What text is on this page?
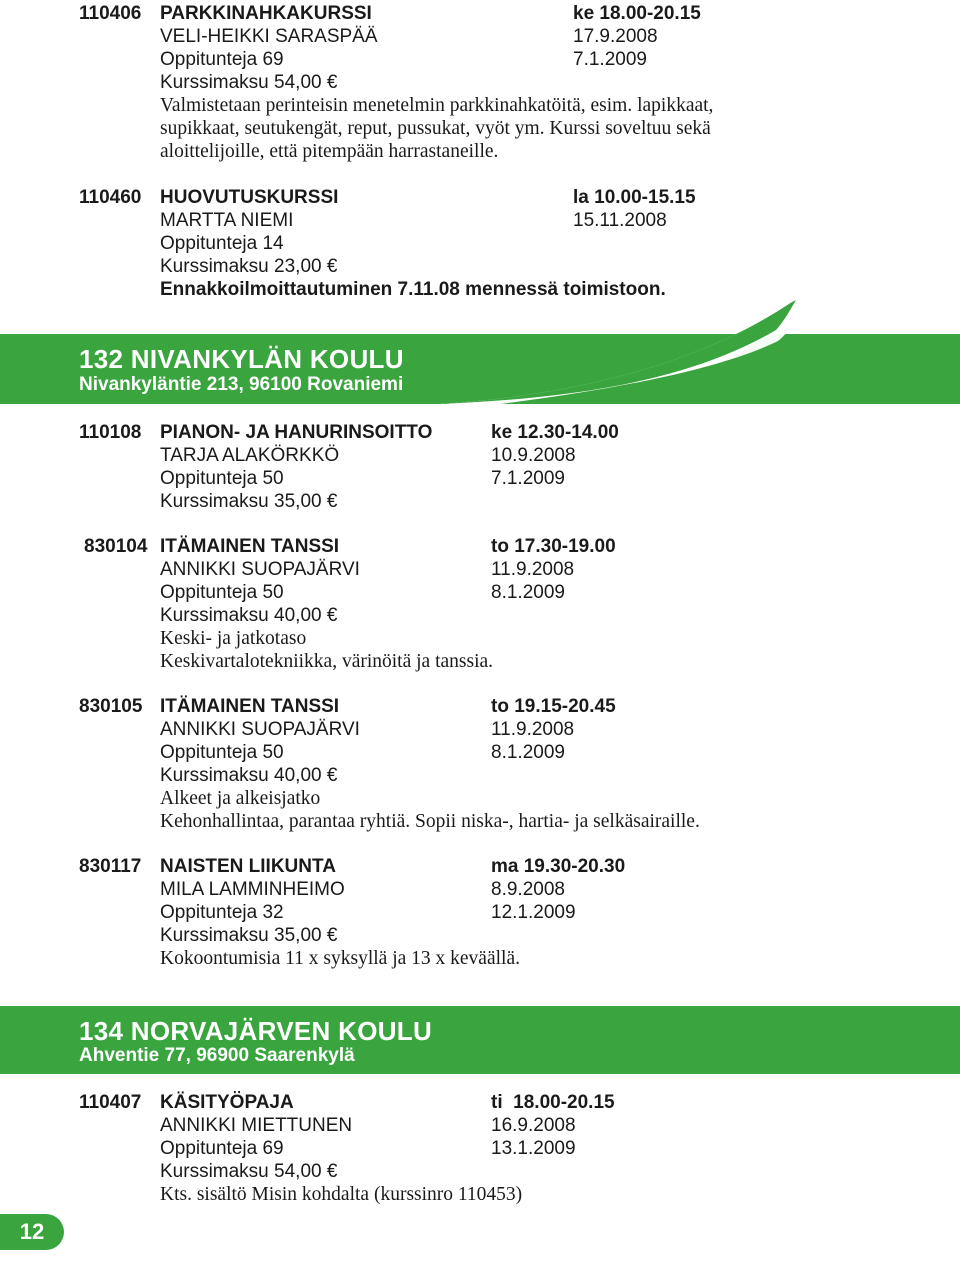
110406 PARKKINAHKAKURSSI	ke 18.00-20.15
VELI-HEIKKI SARASPÄÄ	17.9.2008
Oppitunteja 69	7.1.2009
Kurssimaksu 54,00 €
Valmistetaan perinteisin menetelmin parkkinahkatöitä, esim. lapikkaat,
supikkaat, seutukengät, reput, pussukat, vyöt ym. Kurssi soveltuu sekä
aloittelijoille, että pitempään harrastaneille.
110460 HUOVUTUSKURSSI	la 10.00-15.15
MARTTA NIEMI	15.11.2008
Oppitunteja 14
Kurssimaksu 23,00 €
Ennakkoilmoittautuminen 7.11.08 mennessä toimistoon.
132 NIVANKYLÄN KOULU
Nivankyläntie 213, 96100 Rovaniemi
110108 PIANON- JA HANURINSOITTO	ke 12.30-14.00
TARJA ALAKÖRKKÖ	10.9.2008
Oppitunteja 50	7.1.2009
Kurssimaksu 35,00 €
830104 ITÄMAINEN TANSSI	to 17.30-19.00
ANNIKKI SUOPAJÄRVI	11.9.2008
Oppitunteja 50	8.1.2009
Kurssimaksu 40,00 €
Keski- ja jatkotaso
Keskivartalotekniikka, värinöitä ja tanssia.
830105 ITÄMAINEN TANSSI	to 19.15-20.45
ANNIKKI SUOPAJÄRVI	11.9.2008
Oppitunteja 50	8.1.2009
Kurssimaksu 40,00 €
Alkeet ja alkeisjatko
Kehonhallintaa, parantaa ryhtiä. Sopii niska-, hartia- ja selkäsairaille.
830117 NAISTEN LIIKUNTA	ma 19.30-20.30
MILA LAMMINHEIMO	8.9.2008
Oppitunteja 32	12.1.2009
Kurssimaksu 35,00 €
Kokoontumisia 11 x syksyllä ja 13 x keväällä.
134 NORVAJÄRVEN KOULU
Ahventie 77, 96900 Saarenkylä
110407 KÄSITYÖPAJA	ti  18.00-20.15
ANNIKKI MIETTUNEN	16.9.2008
Oppitunteja 69	13.1.2009
Kurssimaksu 54,00 €
Kts. sisältö Misin kohdalta (kurssinro 110453)
12
